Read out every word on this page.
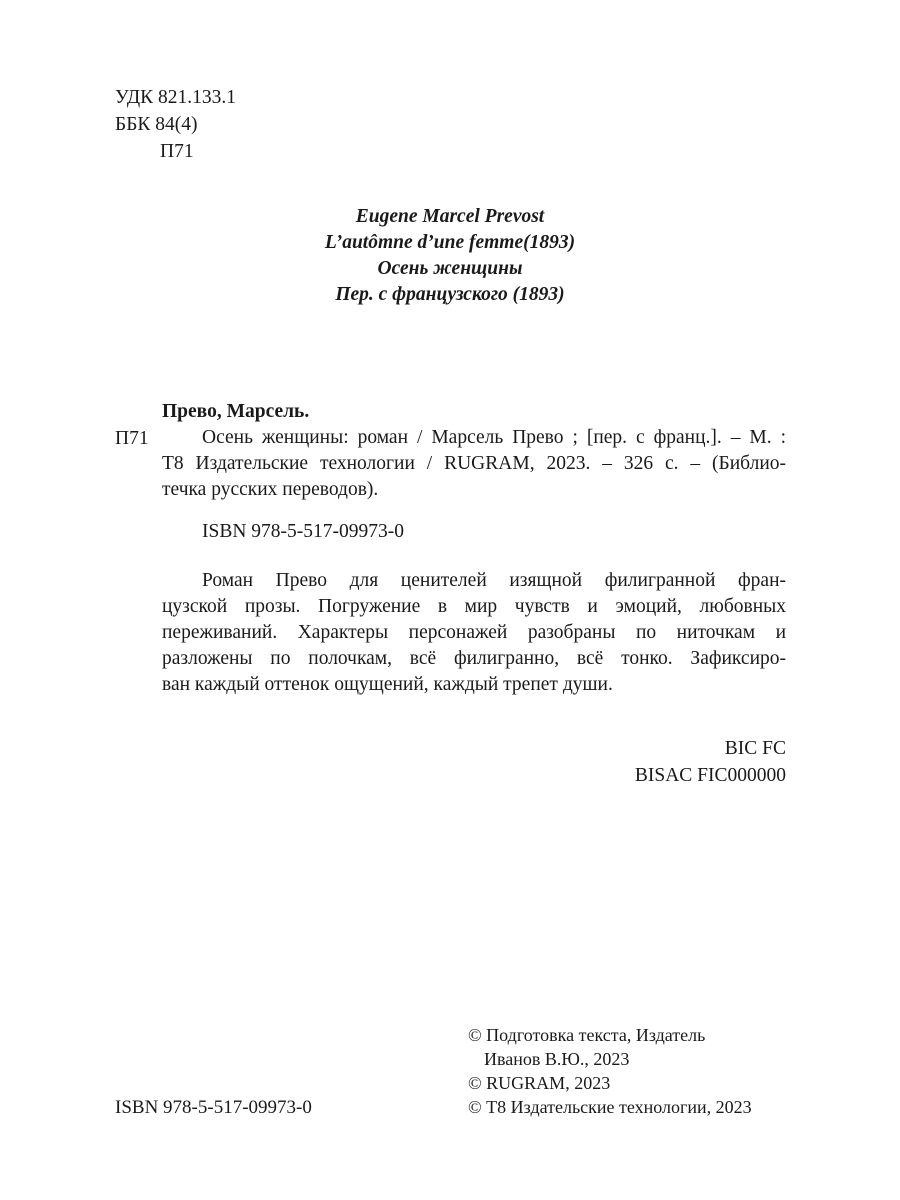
УДК 821.133.1
ББК 84(4)
П71
Eugene Marcel Prevost
L’autômne d’une femme(1893)
Осень женщины
Пер. с французского (1893)
Прево, Марсель.
П71	Осень женщины: роман / Марсель Прево ; [пер. с франц.]. – М. :
Т8 Издательские технологии / RUGRAM, 2023. – 326 с. – (Библио-
течка русских переводов).
ISBN 978-5-517-09973-0
Роман Прево для ценителей изящной филигранной фран-
цузской прозы. Погружение в мир чувств и эмоций, любовных
переживаний. Характеры персонажей разобраны по ниточкам и
разложены по полочкам, всё филигранно, всё тонко. Зафиксиро-
ван каждый оттенок ощущений, каждый трепет души.
BIC FC
BISAC FIC000000
© Подготовка текста, Издатель
Иванов В.Ю., 2023
© RUGRAM, 2023
© Т8 Издательские технологии, 2023
ISBN 978-5-517-09973-0
